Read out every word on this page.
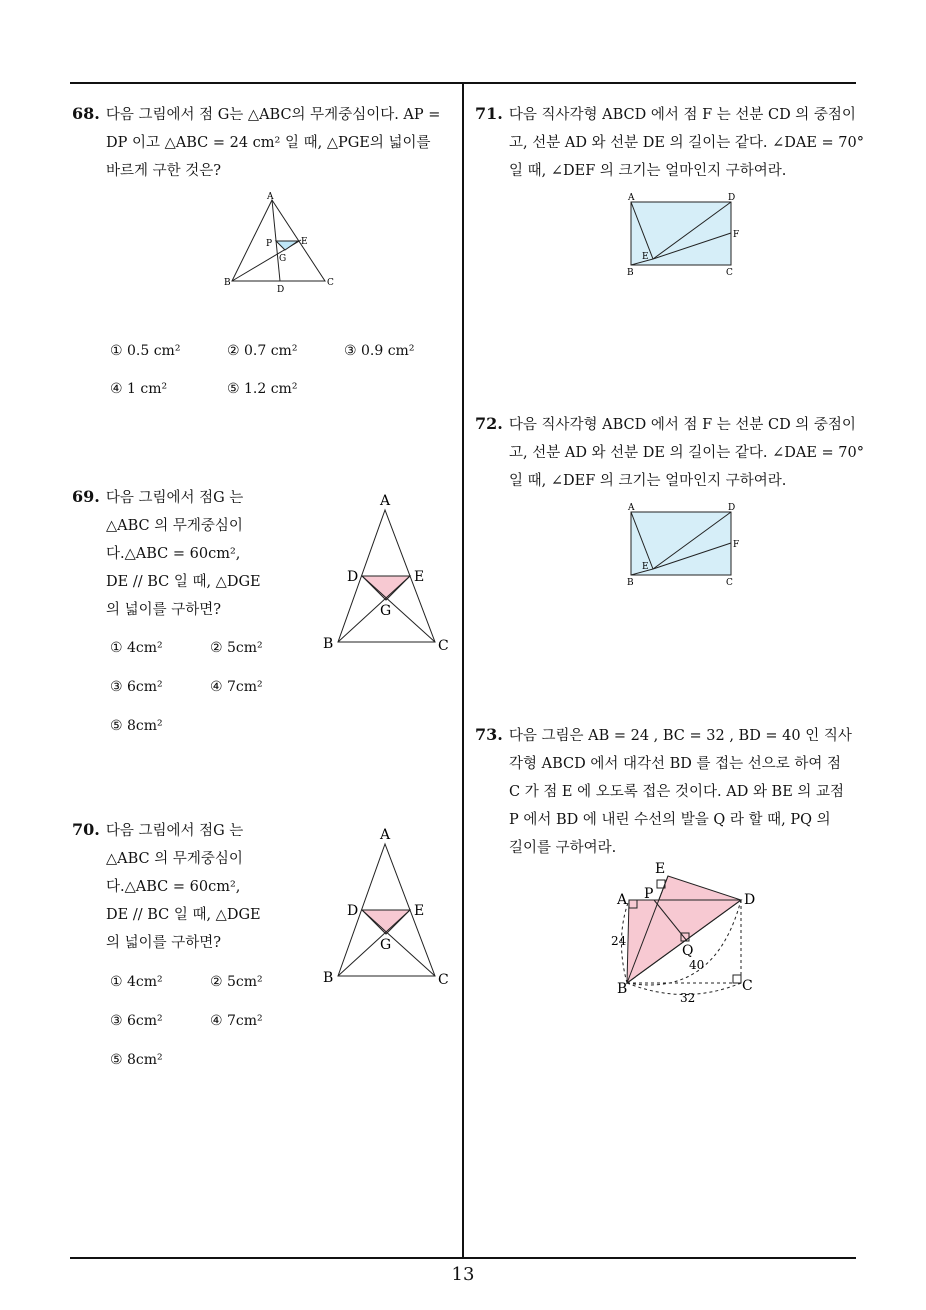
68. 다음 그림에서 점 G는 △ABC의 무게중심이다. AP =
DP 이고 △ABC = 24 cm² 일 때, △PGE의 넓이를
바르게 구한 것은?
A
B	C
D
E
G
P
① 0.5 cm²	② 0.7 cm²	③ 0.9 cm²
④ 1 cm²	⑤ 1.2 cm²
69. 다음 그림에서 점G 는
△ABC 의 무게중심이
다.△ABC = 60cm²,
DE // BC 일 때, △DGE
의 넓이를 구하면?
A
B	C
D	E
G
① 4cm²	② 5cm²
③ 6cm²	④ 7cm²
⑤ 8cm²
70. 다음 그림에서 점G 는
△ABC 의 무게중심이
다.△ABC = 60cm²,
DE // BC 일 때, △DGE
의 넓이를 구하면?
A
B	C
D	E
G
① 4cm²	② 5cm²
③ 6cm²	④ 7cm²
⑤ 8cm²
71. 다음 직사각형 ABCD 에서 점 F 는 선분 CD 의 중점이
고, 선분 AD 와 선분 DE 의 길이는 같다. ∠DAE = 70°
일 때, ∠DEF 의 크기는 얼마인지 구하여라.
A	D
B	C
F
E
72. 다음 직사각형 ABCD 에서 점 F 는 선분 CD 의 중점이
고, 선분 AD 와 선분 DE 의 길이는 같다. ∠DAE = 70°
일 때, ∠DEF 의 크기는 얼마인지 구하여라.
A	D
B	C
F
E
73. 다음 그림은 AB = 24 , BC = 32 , BD = 40 인 직사
각형 ABCD 에서 대각선 BD 를 접는 선으로 하여 점
C 가 점 E 에 오도록 접은 것이다. AD 와 BE 의 교점
P 에서 BD 에 내린 수선의 발을 Q 라 할 때, PQ 의
길이를 구하여라.
E
P
A	D
Q
B	C
24
40
32
13
